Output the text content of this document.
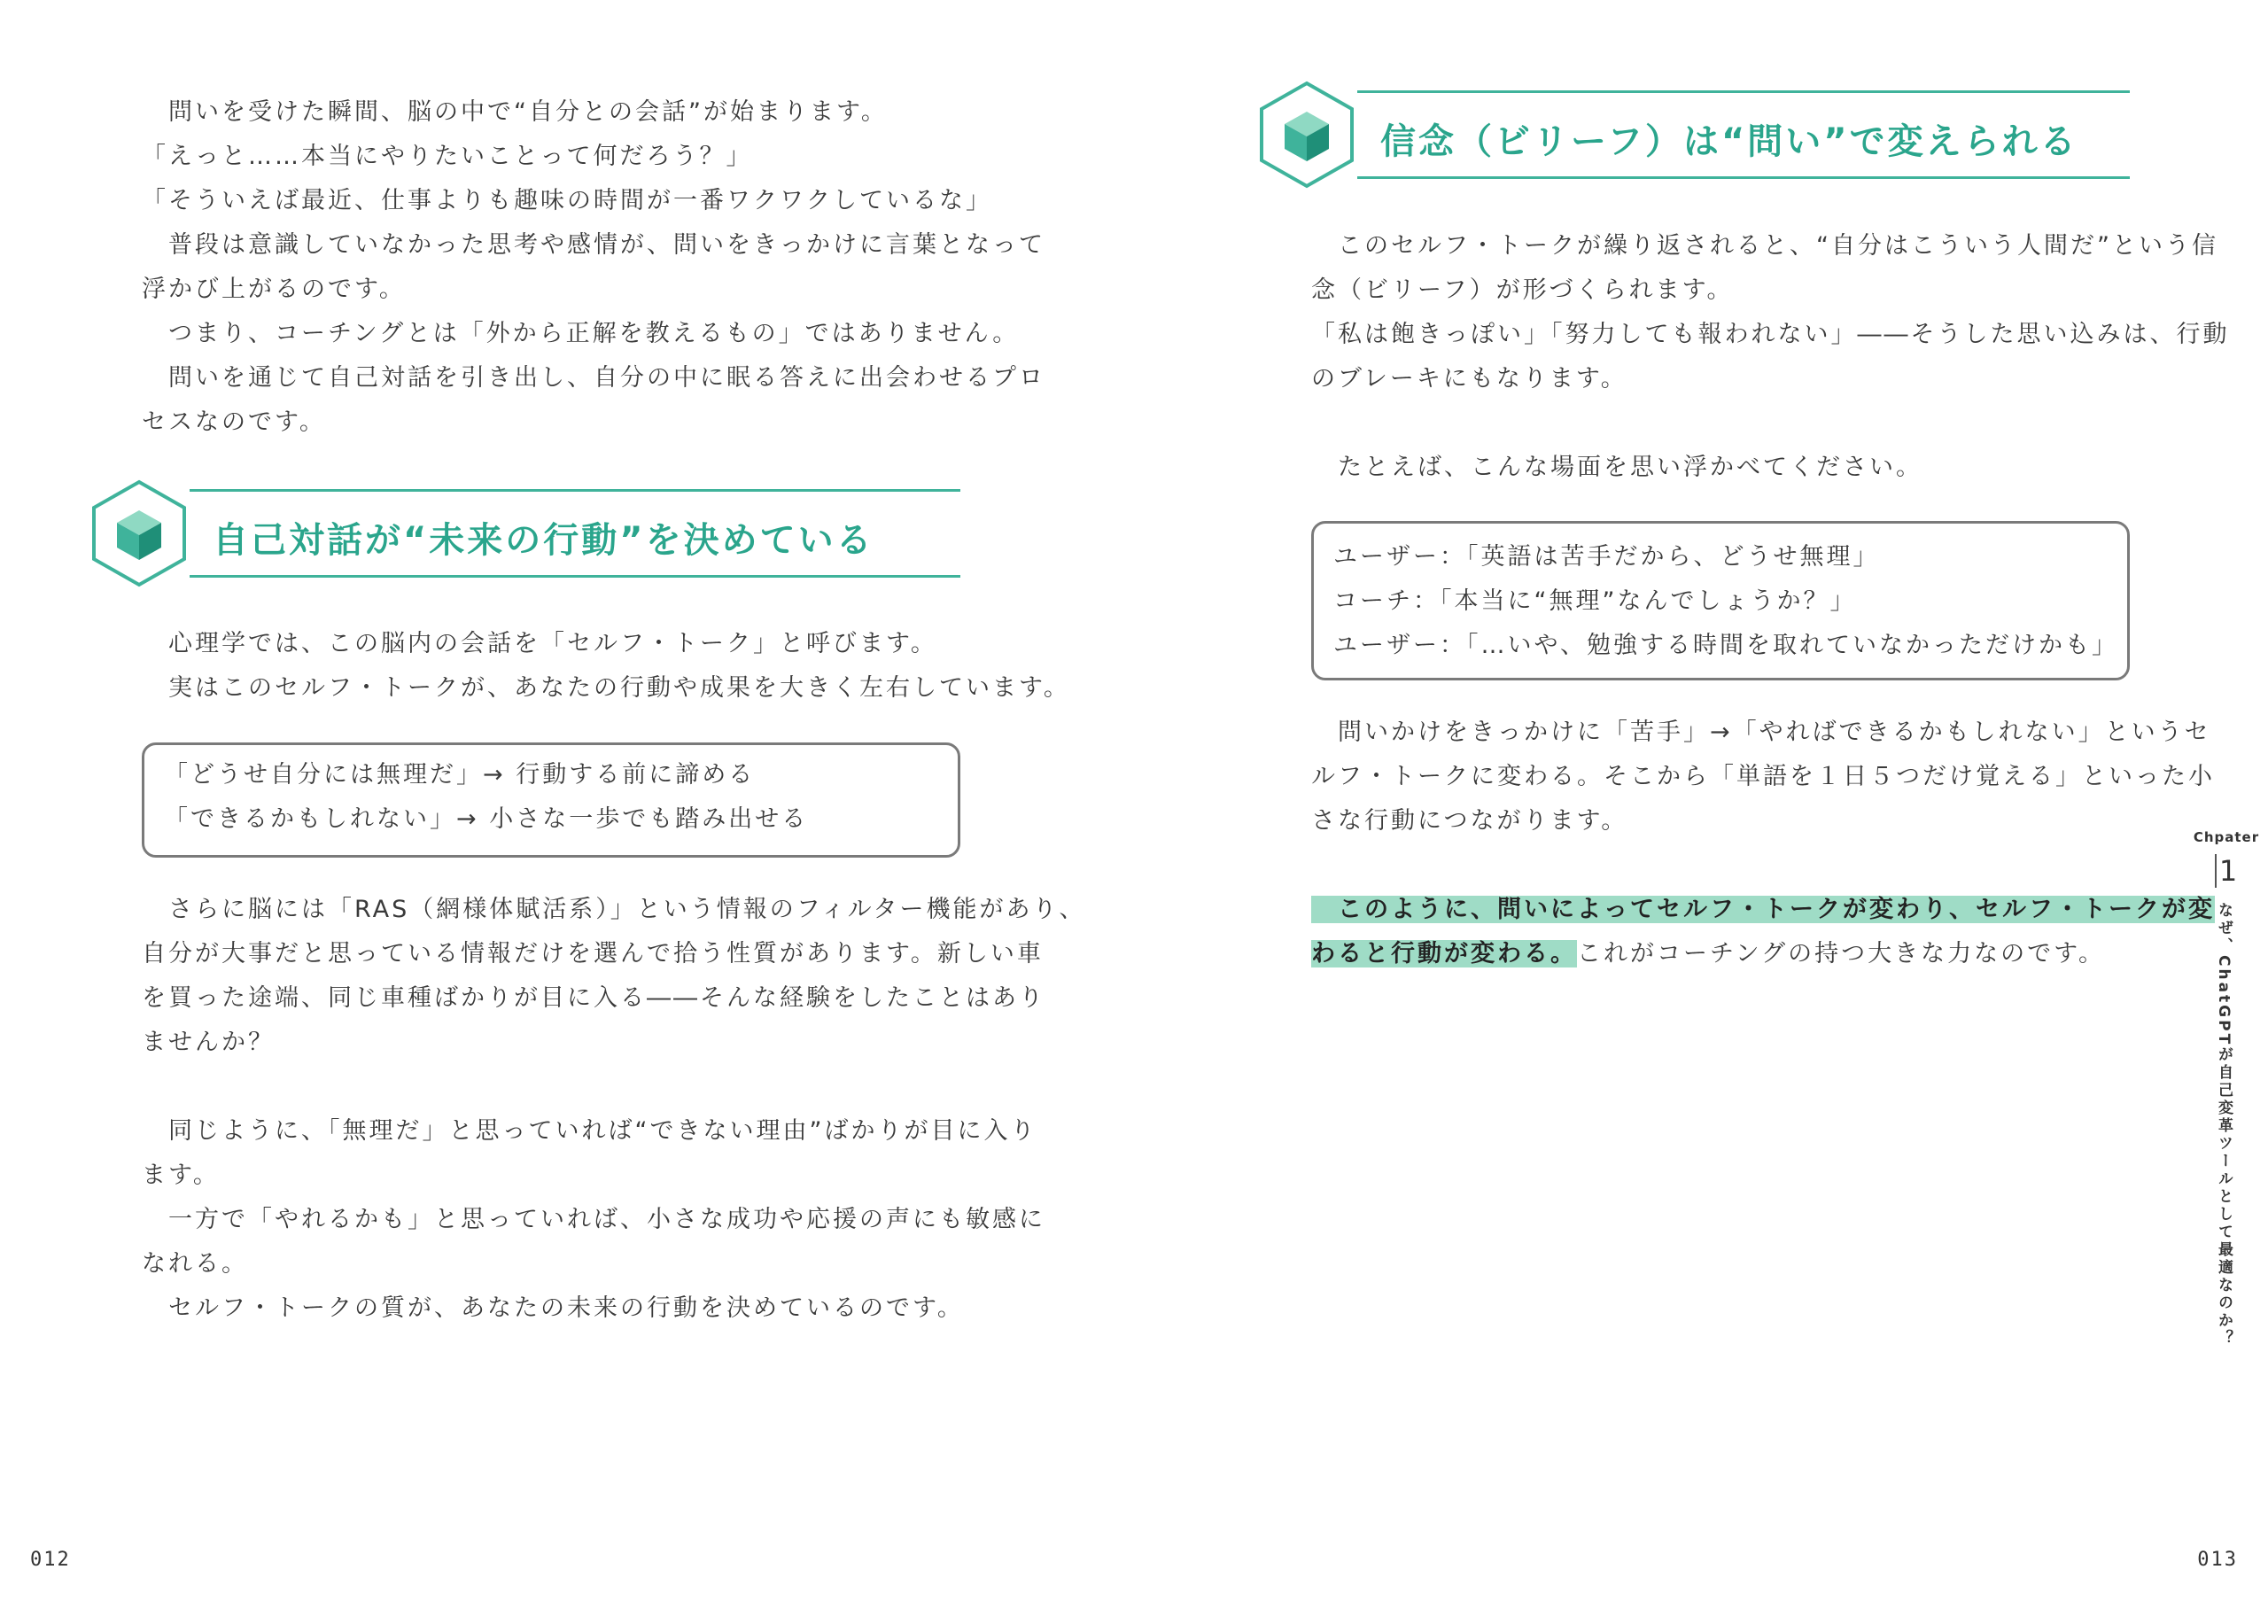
　問いを受けた瞬間、脳の中で“自分との会話”が始まります。
「えっと……本当にやりたいことって何だろう？」
「そういえば最近、仕事よりも趣味の時間が一番ワクワクしているな」
　普段は意識していなかった思考や感情が、問いをきっかけに言葉となって
浮かび上がるのです。
　つまり、コーチングとは「外から正解を教えるもの」ではありません。
　問いを通じて自己対話を引き出し、自分の中に眠る答えに出会わせるプロ
セスなのです。
自己対話が“未来の行動”を決めている
　心理学では、この脳内の会話を「セルフ・トーク」と呼びます。
　実はこのセルフ・トークが、あなたの行動や成果を大きく左右しています。
「どうせ自分には無理だ」→ 行動する前に諦める
「できるかもしれない」→ 小さな一歩でも踏み出せる
　さらに脳には「RAS（網様体賦活系）」という情報のフィルター機能があり、
自分が大事だと思っている情報だけを選んで拾う性質があります。新しい車
を買った途端、同じ車種ばかりが目に入る――そんな経験をしたことはあり
ませんか？
　同じように、「無理だ」と思っていれば“できない理由”ばかりが目に入り
ます。
　一方で「やれるかも」と思っていれば、小さな成功や応援の声にも敏感に
なれる。
　セルフ・トークの質が、あなたの未来の行動を決めているのです。
012
信念（ビリーフ）は“問い”で変えられる
　このセルフ・トークが繰り返されると、“自分はこういう人間だ”という信
念（ビリーフ）が形づくられます。
「私は飽きっぽい」「努力しても報われない」――そうした思い込みは、行動
のブレーキにもなります。
　たとえば、こんな場面を思い浮かべてください。
ユーザー：「英語は苦手だから、どうせ無理」
コーチ：「本当に“無理”なんでしょうか？」
ユーザー：「…いや、勉強する時間を取れていなかっただけかも」
　問いかけをきっかけに「苦手」→「やればできるかもしれない」というセ
ルフ・トークに変わる。そこから「単語を１日５つだけ覚える」といった小
さな行動につながります。
　このように、問いによってセルフ・トークが変わり、セルフ・トークが変
わると行動が変わる。これがコーチングの持つ大きな力なのです。
013
Chpater
1
なぜ、ChatGPTが自己変革ツールとして最適なのか？
